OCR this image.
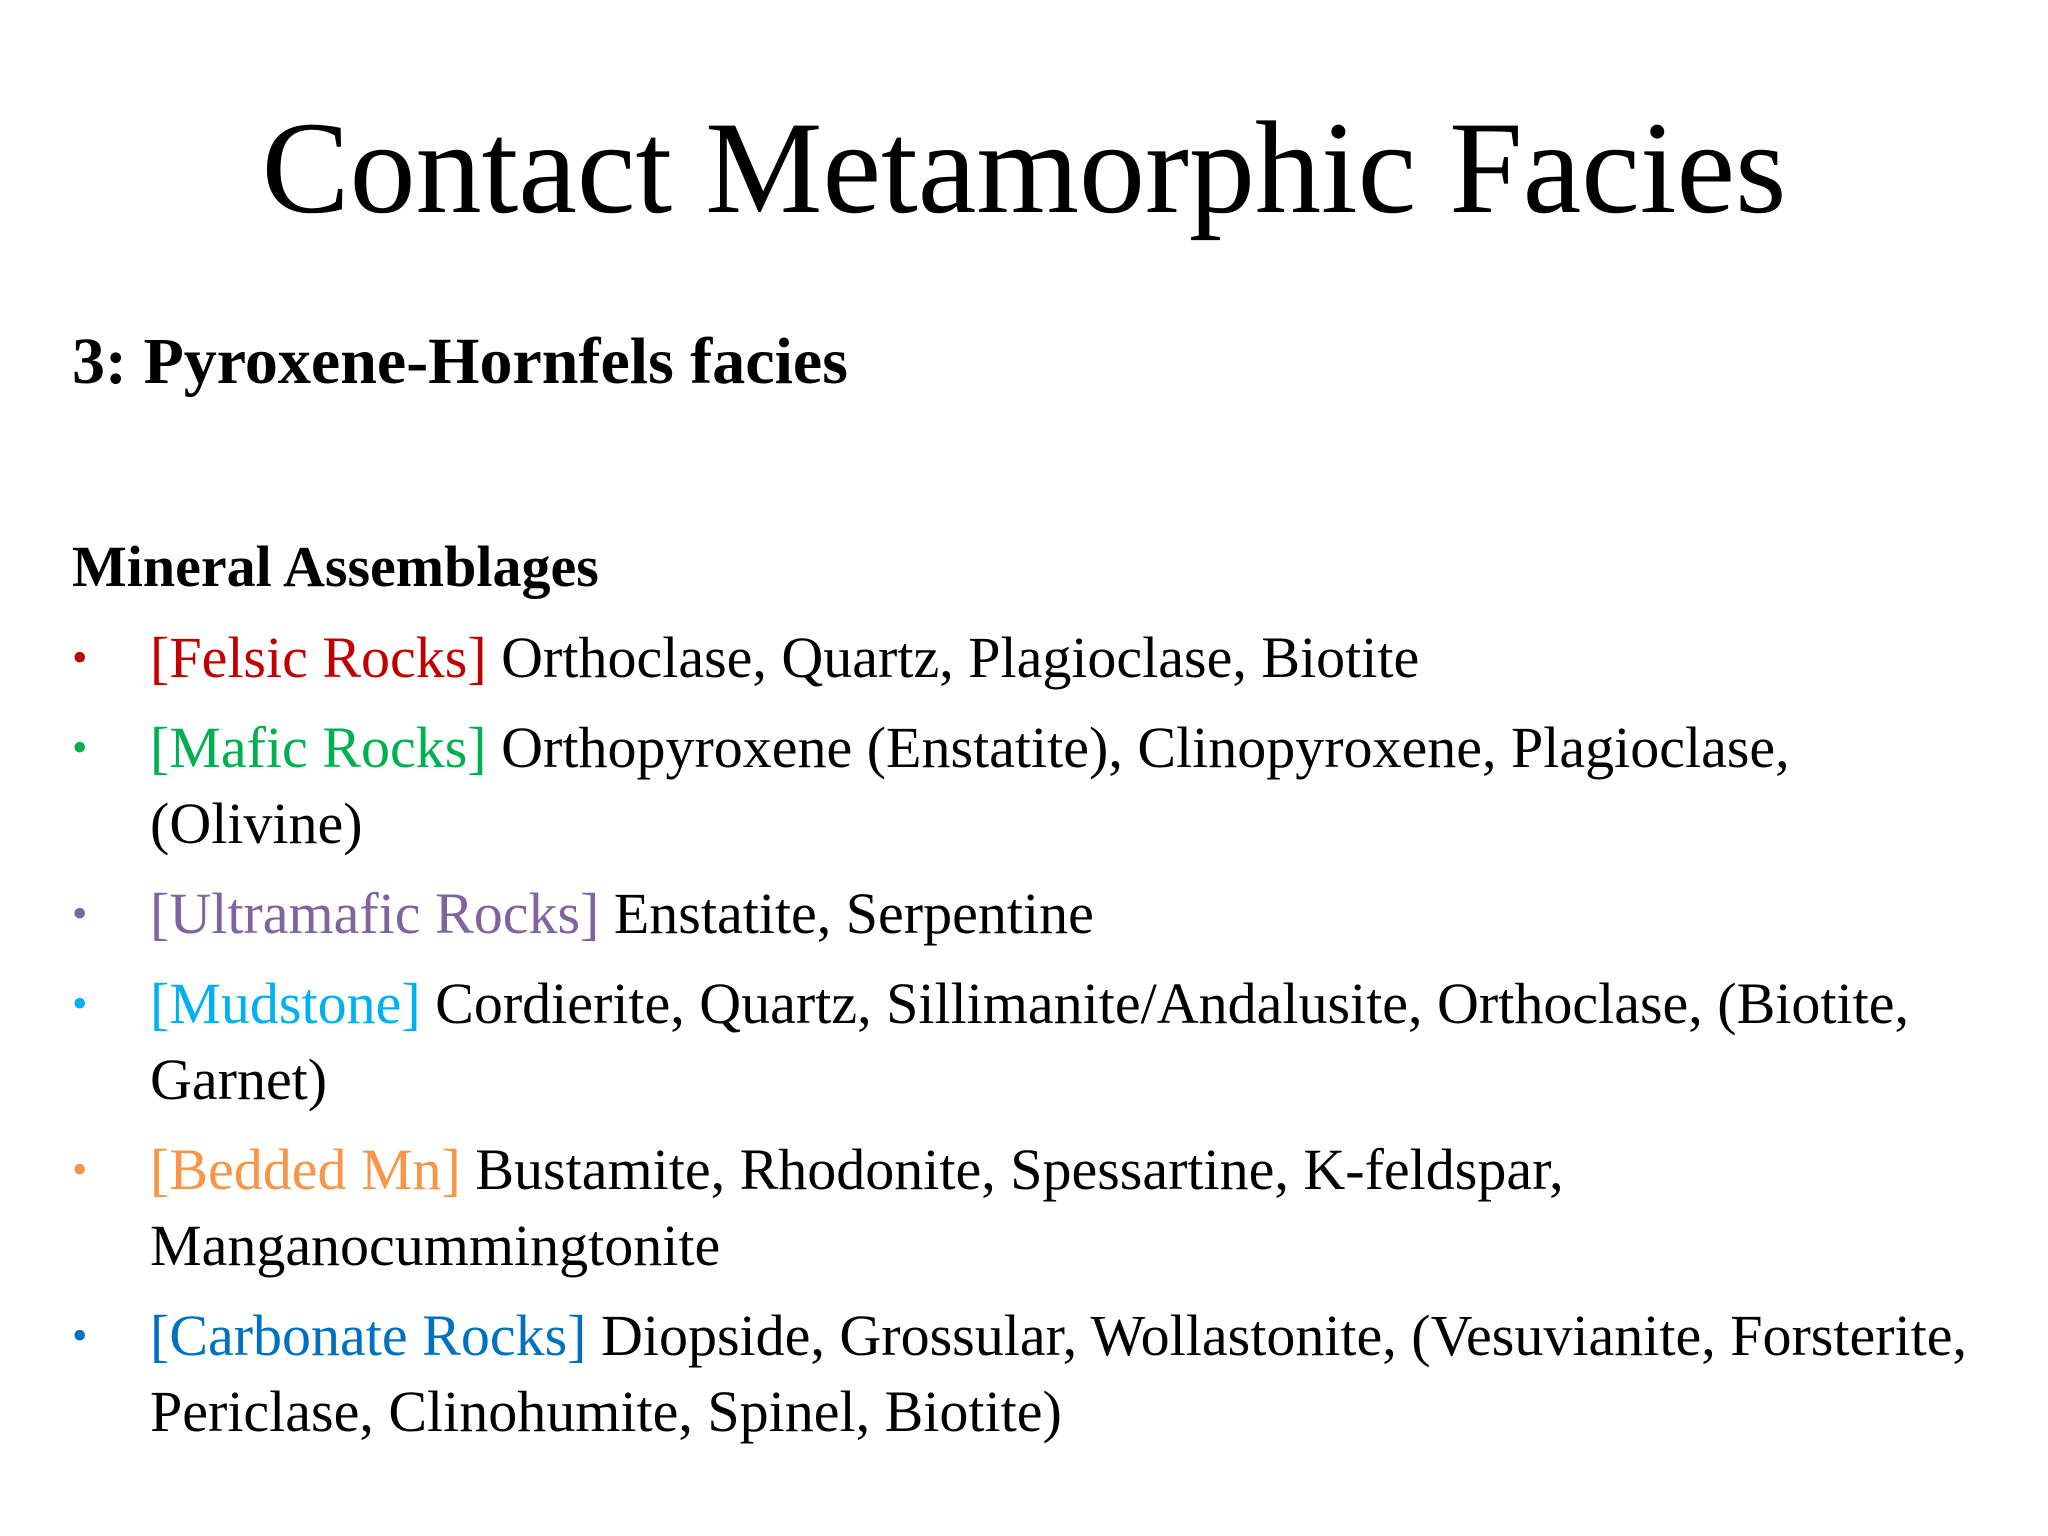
Contact Metamorphic Facies
3: Pyroxene-Hornfels facies
Mineral Assemblages
•	[Felsic Rocks] Orthoclase, Quartz, Plagioclase, Biotite
•	[Mafic Rocks] Orthopyroxene (Enstatite), Clinopyroxene, Plagioclase, (Olivine)
•	[Ultramafic Rocks] Enstatite, Serpentine
•	[Mudstone] Cordierite, Quartz, Sillimanite/Andalusite, Orthoclase, (Biotite, Garnet)
•	[Bedded Mn] Bustamite, Rhodonite, Spessartine, K-feldspar, Manganocummingtonite
•	[Carbonate Rocks] Diopside, Grossular, Wollastonite, (Vesuvianite, Forsterite, Periclase, Clinohumite, Spinel, Biotite)
